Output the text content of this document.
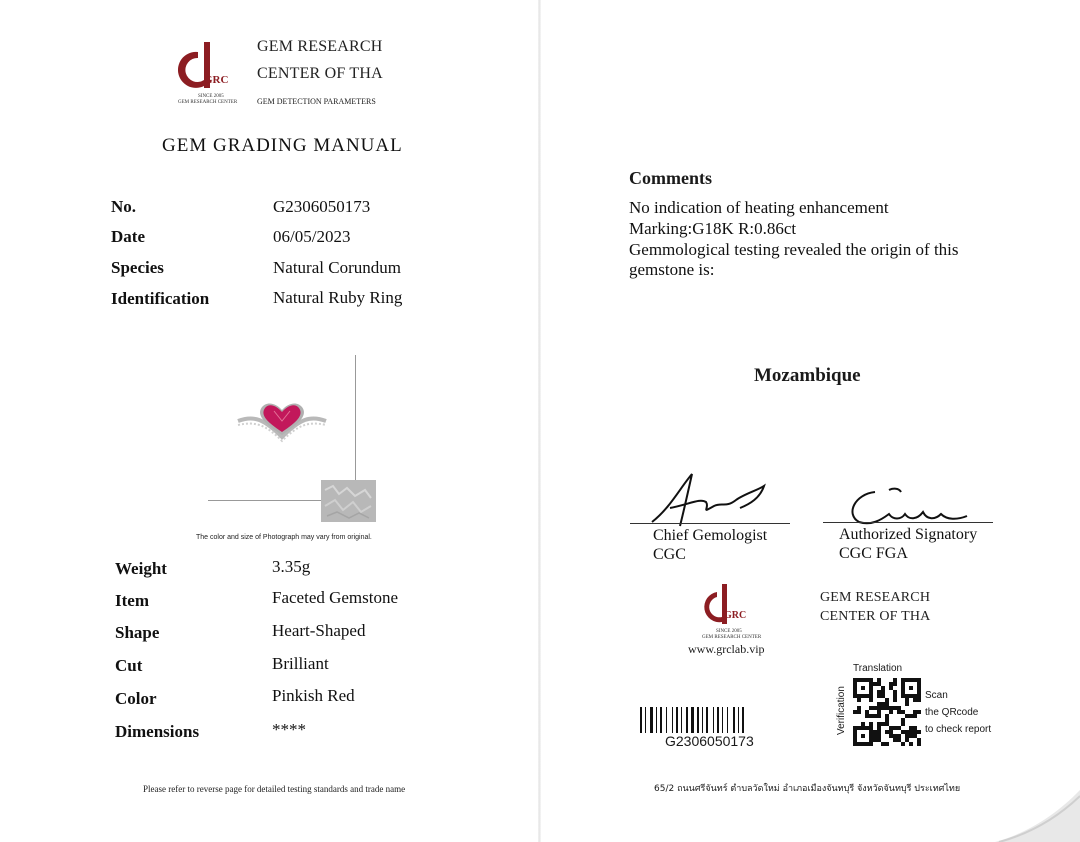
GRC
SINCE 2005
GEM RESEARCH CENTER
GEM RESEARCH
CENTER OF THA
GEM DETECTION PARAMETERS
GEM GRADING MANUAL
No.	G2306050173
Date	06/05/2023
Species	Natural Corundum
Identification	Natural Ruby Ring
The color and size of Photograph may vary from original.
Weight	3.35g
Item	Faceted Gemstone
Shape	Heart-Shaped
Cut	Brilliant
Color	Pinkish Red
Dimensions	****
Please refer to reverse page for detailed testing standards and trade name
Comments
No indication of heating enhancement
Marking:G18K R:0.86ct
Gemmological testing revealed the origin of this
gemstone is:
Mozambique
Chief Gemologist
CGC
Authorized Signatory
CGC FGA
GRC
SINCE 2005
GEM RESEARCH CENTER
www.grclab.vip
GEM RESEARCH
CENTER OF THA
G2306050173
Translation
Verification	Scan
the QRcode
to check report
65/2 ถนนศรีจันทร์ ตำบลวัดใหม่ อำเภอเมืองจันทบุรี จังหวัดจันทบุรี ประเทศไทย
